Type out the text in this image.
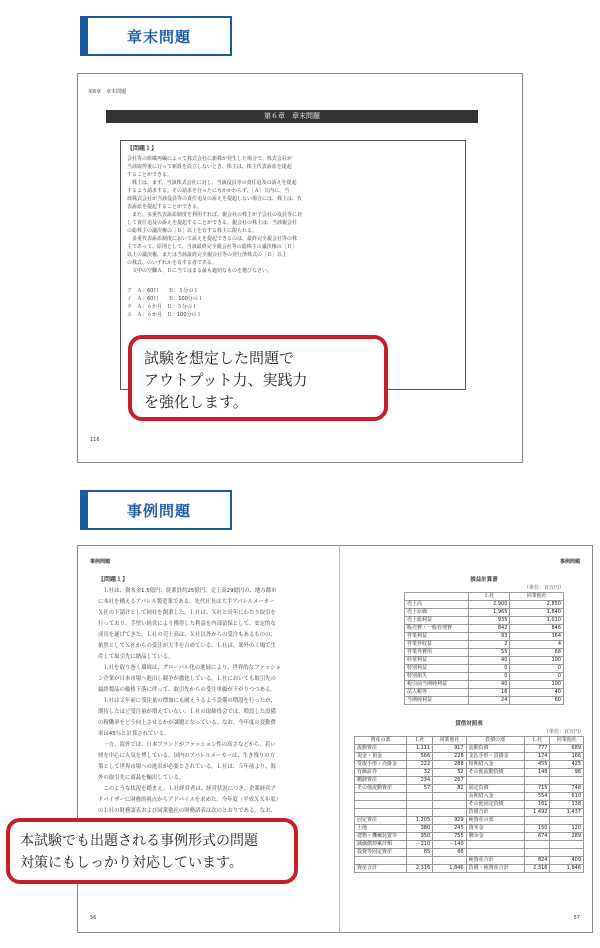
章末問題
第6章　章末問題
第６章　章末問題
【問題１】
会社等の組織再編によって株式会社に新株が発生した場合で、株式会社が
当該取得後に行って新設を設立しないとき、株主は、株主代表訴訟を提起
することができる。
　株主は、まず、当該株式会社に対し、当該役員等の責任追及の訴えを提起
するよう請求する。その請求を行ったにもかかわらず、［Ａ］日内に、当
該株式会社が当該役員等の責任追及の訴えを提起しない場合には、株主は、代
表訴訟を提起することができる。
　また、多重代表訴訟制度を利用すれば、親会社の株主が子会社の役員等に対
して責任追及の訴えを提起することができる。親会社の株主は、当該親会社
の総株主の議決権の［Ｂ］以上を有する株主に限られる。
　多重代表訴訟制度において訴えを提起できるのは、最終完全親会社等の株
主であって、原則として、当該最終完全親会社等の総株主の議決権の［Ｂ］
以上の議決権、または当該最終完全親会社等の発行済株式の［Ｂ］以上
の株式、のいずれかを有する者である。
　文中の空欄Ａ、Ｂに当てはまる最も適切なものを選びなさい。
ア　Ａ：60日　　Ｂ：５分の１
イ　Ａ：60日　　Ｂ：100分の１
ウ　Ａ：６か月　Ｂ：５分の１
エ　Ａ：６か月　Ｂ：100分の１
116
試験を想定した問題で
アウトプット力、実践力
を強化します。
事例問題
事例問題
【問題１】
　Ｌ社は、資本金1.5億円、従業員約25億円、売上高29億円の、地方都市
に本社を構えるアパレル製造業である。先代社長は大手アパレルメーカー
Ｘ社の下請けとして同社を創業した。Ｌ社は、Ｘ社と長年にわたり取引を
行っており、手堅い経営により獲得した利益を内部留保として、安定的な
成長を遂げてきた。Ｌ社の売上高は、Ｘ社以外からの受注もあるものの、
依然としてＸ社からの受注が大半を占めている。Ｌ社は、郊外の工場で生
産して取引先に納品している。
　Ｌ社を取り巻く環境は、グローバル化の進展により、世界的なファッショ
ン企業が日本市場へ進出し競争が激化している。Ｌ社においても取引先の
最終製品の価格下落に伴って、取引先からの受注単価が下がりつつある。
　Ｌ社は２年前に受注量の増加にも耐えうるよう設備の増設を行ったが、
期待したほど受注量が増えていない。Ｌ社の取締役会では、増設した設備
の稼働率をどう向上させるかが課題となっている。なお、今年度の変動費
率は45％と計算されている。
　一方、海外では、日本ブランドがファッション性の高さなどから、若い
層を中心に人気を博している。国内のアパレルメーカーは、生き残りの方
策として世界市場への進出が必要とされている。Ｌ社は、５年前より、海
外の取引先に商品を輸出している。
　このような状況を踏まえ、Ｌ社経営者は、経営状況につき、企業経営ア
ドバイザーに財務的視点からアドバイスを求めた。今年度（平成ＸＸ年度）
のＬ社の財務諸表および同業他社の財務諸表は次のとおりである。なお、
56
事例問題
損益計算書
（単位：百万円）
	Ｌ社	同業他社
売上高	2,900	2,850
売上原価	1,965	1,840
売上総利益	935	1,010
販売費・一般管理費	842	846
営業利益	93	164
営業外収益	2	4
営業外費用	55	68
経常利益	40	100
特別利益	0	0
特別損失	0	0
税引前当期純利益	40	100
法人税等	16	40
当期純利益	24	60
貸借対照表
（単位：百万円）
資産の部	Ｌ社	同業他社	負債の部	Ｌ社	同業他社
流動資産	1,111	917	流動負債	777	689
現金・預金	566	228	支払手形・買掛金	174	166
受取手形・売掛金	222	288	短期借入金	455	425
有価証券	32	52	その他流動負債	148	98
棚卸資産	234	267			
その他流動資産	57	82	固定負債	715	748
			長期借入金	554	610
			その他固定負債	161	138
			負債合計	1,492	1,437
固定資産	1,205	929	純資産の部		
土地	380	245	資本金	150	120
建物・機械装置等	950	755	剰余金	674	289
減価償却累計額	－210	－140			
投資等固定資産	85	66			
			純資産合計	824	409
資産合計	2,316	1,846	負債・純資産合計	2,316	1,846
57
本試験でも出題される事例形式の問題
対策にもしっかり対応しています。
